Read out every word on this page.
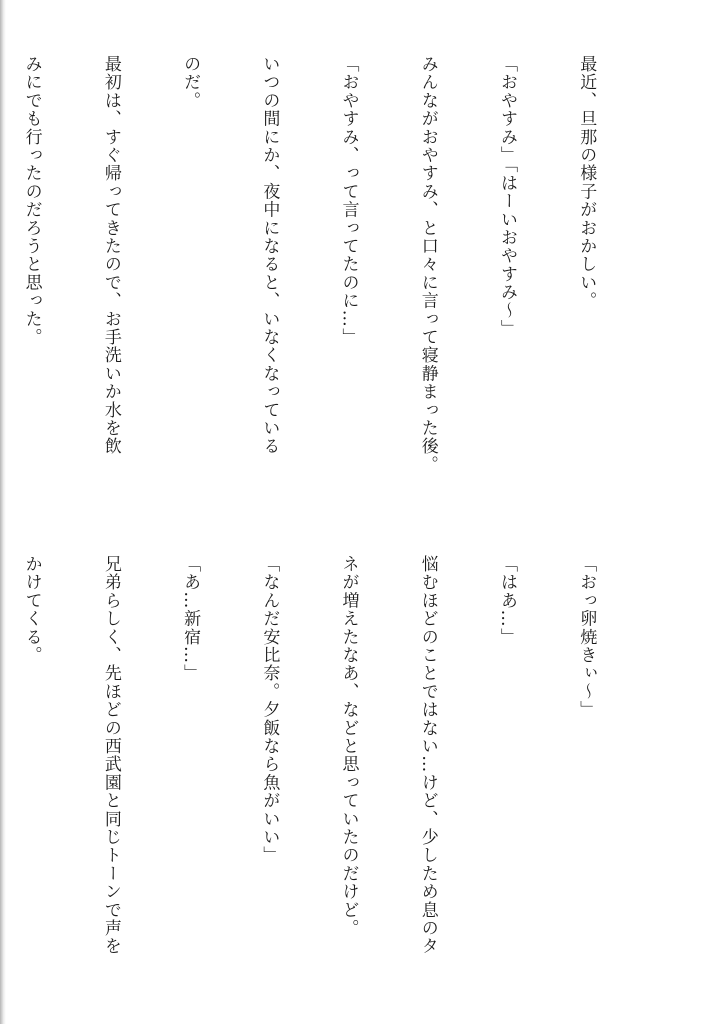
最近、旦那の様子がおかしい。

「おやすみ」「はーいおやすみ～」

みんながおやすみ、と口々に言って寝静まった後。

「おやすみ、って言ってたのに…」

いつの間にか、夜中になると、いなくなっている

のだ。

最初は、すぐ帰ってきたので、お手洗いか水を飲

みにでも行ったのだろうと思った。

「おっ卵焼きぃ～」

「はあ…」

悩むほどのことではない…けど、少しため息のタ

ネが増えたなあ、などと思っていたのだけど。

「なんだ安比奈。夕飯なら魚がいい」

「あ…新宿…」

兄弟らしく、先ほどの西武園と同じトーンで声を

かけてくる。
